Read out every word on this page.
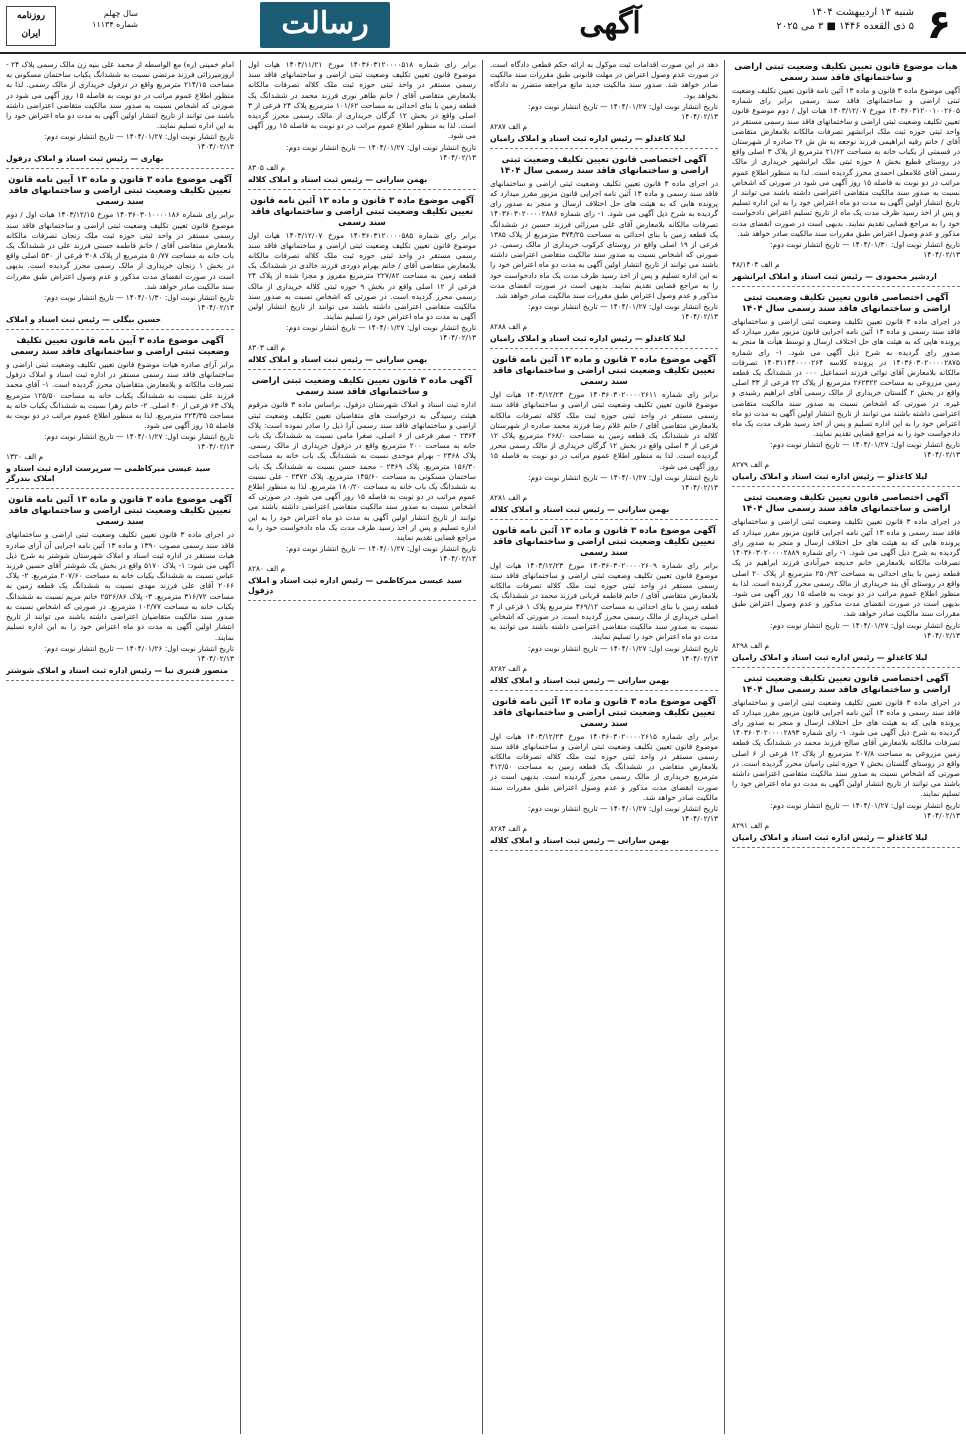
۶
شنبه ۱۳ اردیبهشت ۱۴۰۴
۵ ذی القعده ۱۴۴۶ ■ ۳ می ۲۰۲۵
آگهی
رسالت
سال چهلم
شماره ۱۱۱۳۴
روزنامه
ایران

هیات موضوع قانون تعیین تکلیف وضعیت ثبتی اراضی و ساختمانهای فاقد سند رسمی

آگهی موضوع ماده ۳ قانون و ماده ۱۳ آئین نامه قانون تعیین تکلیف وضعیت ثبتی اراضی و ساختمانهای فاقد سند رسمی برابر رای شماره ۱۴۰۳۶۰۳۱۲۰۰۱۰۰۲۶۰۵ مورخ ۱۴۰۳/۱۲/۰۷ هیات اول / دوم موضوع قانون تعیین تکلیف وضعیت ثبتی اراضی و ساختمانهای فاقد سند رسمی مستقر در واحد ثبتی حوزه ثبت ملک ابرانشهر تصرفات مالکانه بلامعارض متقاضی آقای / خانم رقیه ابراهیمی فرزند نوجعه به ش ش ۲۶ صادره از شهرستان در قسمتی از یکباب خانه به مساحت ۲۱/۶۲ مترمربع از پلاک ۳ اصلی واقع در روستای قطیع بخش ۸ حوزه ثبتی ملک ابرانشهر خریداری از مالک رسمی آقای غلامعلی احمدی محرز گردیده است. لذا به منظور اطلاع عموم مراتب در دو نوبت به فاصله ۱۵ روز آگهی می شود در صورتی که اشخاص نسبت به صدور سند مالکیت متقاضی اعتراضی داشته باشند می توانند از تاریخ انتشار اولین آگهی به مدت دو ماه اعتراض خود را به این اداره تسلیم و پس از اخذ رسید ظرف مدت یک ماه از تاریخ تسلیم اعتراض دادخواست خود را به مراجع قضایی تقدیم نمایند. بدیهی است در صورت انقضای مدت مذکور و عدم وصول اعتراض طبق مقررات سند مالکیت صادر خواهد شد.

تاریخ انتشار نوبت اول: ۱۴۰۴/۰۱/۳۰ — تاریخ انتشار نوبت دوم: ۱۴۰۴/۰۲/۱۳

م الف ۴۸/۱۴۰۴

اردشیر محمودی — رئیس ثبت اسناد و املاک ابرانشهر

آگهی اختصاصی قانون تعیین تکلیف وضعیت ثبتی اراضی و ساختمانهای فاقد سند رسمی سال ۱۴۰۴

در اجرای ماده ۳ قانون تعیین تکلیف وضعیت ثبتی اراضی و ساختمانهای فاقد سند رسمی و ماده ۱۳ آئین نامه اجرایی قانون مزبور مقرر میدارد که پرونده هایی که به هیئت های حل اختلاف ارسال و توسط هیأت ها منجر به صدور رای گردیده به شرح ذیل آگهی می شود. ۱- رای شماره ۱۴۰۳۶۰۳۰۲۰۰۰۰۲۸۷۵ در پرونده کلاسه ۱۴۰۳۱۱۴۴۰۰۰۰۲۶۴ تصرفات مالکانه بلامعارض آقای نوائی فرزند اسماعیل ۰۰۰ در ششدانگ یک قطعه زمین مزروعی به مساحت ۲۶۲۳۲۲ مترمربع از پلاک ۲۲ فرعی از ۳۳ اصلی واقع در بخش ۲ گلستان خریداری از مالک رسمی آقای ابراهیم رشیدی و غیره. در صورتی که اشخاص نسبت به صدور سند مالکیت متقاضی اعتراضی داشته باشند می توانند از تاریخ انتشار اولین آگهی به مدت دو ماه اعتراض خود را به این اداره تسلیم و پس از اخذ رسید ظرف مدت یک ماه دادخواست خود را به مراجع قضایی تقدیم نمایند.

تاریخ انتشار نوبت اول: ۱۴۰۴/۰۱/۲۷ — تاریخ انتشار نوبت دوم: ۱۴۰۴/۰۲/۱۳

م الف ۸۲۷۹

لیلا کاغذلو — رئیس اداره ثبت اسناد و املاک رامیان

آگهی اختصاصی قانون تعیین تکلیف وضعیت ثبتی اراضی و ساختمانهای فاقد سند رسمی سال ۱۴۰۴

در اجرای ماده ۳ قانون تعیین تکلیف وضعیت ثبتی اراضی و ساختمانهای فاقد سند رسمی و ماده ۱۳ آئین نامه اجرایی قانون مزبور مقرر میدارد که پرونده هایی که به هیئت های حل اختلاف ارسال و منجر به صدور رای گردیده به شرح ذیل آگهی می شود. ۱- رای شماره ۱۴۰۳۶۰۳۰۲۰۰۰۰۲۸۸۹ تصرفات مالکانه بلامعارض خانم خدیجه خیرآبادی فرزند ابراهیم در یک قطعه زمین با بنای احداثی به مساحت ۲۵۰/۹۲ مترمربع از پلاک ۲۰ اصلی واقع در روستای آق بند خریداری از مالک رسمی محرز گردیده است. لذا به منظور اطلاع عموم مراتب در دو نوبت به فاصله ۱۵ روز آگهی می شود. بدیهی است در صورت انقضای مدت مذکور و عدم وصول اعتراض طبق مقررات سند مالکیت صادر خواهد شد.

تاریخ انتشار نوبت اول: ۱۴۰۴/۰۱/۲۷ — تاریخ انتشار نوبت دوم: ۱۴۰۴/۰۲/۱۳

م الف ۸۲۹۸

لیلا کاغذلو — رئیس اداره ثبت اسناد و املاک رامیان

آگهی اختصاصی قانون تعیین تکلیف وضعیت ثبتی اراضی و ساختمانهای فاقد سند رسمی سال ۱۴۰۴

در اجرای ماده ۳ قانون تعیین تکلیف وضعیت ثبتی اراضی و ساختمانهای فاقد سند رسمی و ماده ۱۳ آئین نامه اجرایی قانون مزبور مقرر میدارد که پرونده هایی که به هیئت های حل اختلاف ارسال و منجر به صدور رای گردیده به شرح ذیل آگهی می شود. ۱- رای شماره ۱۴۰۳۶۰۳۰۲۰۰۰۰۲۸۹۳ تصرفات مالکانه بلامعارض آقای صالح فرزند محمد در ششدانگ یک قطعه زمین مزروعی به مساحت ۲۰۷/۸ مترمربع از پلاک ۱۲ فرعی از ۶ اصلی واقع در روستای گلستان بخش ۷ حوزه ثبتی رامیان محرز گردیده است. در صورتی که اشخاص نسبت به صدور سند مالکیت متقاضی اعتراضی داشته باشند می توانند از تاریخ انتشار اولین آگهی به مدت دو ماه اعتراض خود را تسلیم نمایند.

تاریخ انتشار نوبت اول: ۱۴۰۴/۰۱/۲۷ — تاریخ انتشار نوبت دوم: ۱۴۰۴/۰۲/۱۳

م الف ۸۲۹۱

لیلا کاغذلو — رئیس اداره ثبت اسناد و املاک رامیان

دهد در این صورت اقدامات ثبت موکول به ارائه حکم قطعی دادگاه است. در صورت عدم وصول اعتراض در مهلت قانونی طبق مقررات سند مالکیت صادر خواهد شد. صدور سند مالکیت جدید مانع مراجعه متضرر به دادگاه نخواهد بود.

تاریخ انتشار نوبت اول: ۱۴۰۴/۰۱/۲۷ — تاریخ انتشار نوبت دوم: ۱۴۰۴/۰۲/۱۳

م الف ۸۲۸۷

لیلا کاغذلو — رئیس اداره ثبت اسناد و املاک رامیان

آگهی اختصاصی قانون تعیین تکلیف وضعیت ثبتی اراضی و ساختمانهای فاقد سند رسمی سال ۱۴۰۴

در اجرای ماده ۳ قانون تعیین تکلیف وضعیت ثبتی اراضی و ساختمانهای فاقد سند رسمی و ماده ۱۳ آئین نامه اجرایی قانون مزبور مقرر میدارد که پرونده هایی که به هیئت های حل اختلاف ارسال و منجر به صدور رای گردیده به شرح ذیل آگهی می شود. ۱- رای شماره ۱۴۰۳۶۰۳۰۲۰۰۰۰۲۸۸۶ تصرفات مالکانه بلامعارض آقای علی میرزائی فرزند حسین در ششدانگ یک قطعه زمین با بنای احداثی به مساحت ۳۷۴/۲۵ مترمربع از پلاک ۱۳۸۵ فرعی از ۱۹ اصلی واقع در روستای کرکوب خریداری از مالک رسمی. در صورتی که اشخاص نسبت به صدور سند مالکیت متقاضی اعتراضی داشته باشند می توانند از تاریخ انتشار اولین آگهی به مدت دو ماه اعتراض خود را به این اداره تسلیم و پس از اخذ رسید ظرف مدت یک ماه دادخواست خود را به مراجع قضایی تقدیم نمایند. بدیهی است در صورت انقضای مدت مذکور و عدم وصول اعتراض طبق مقررات سند مالکیت صادر خواهد شد.

تاریخ انتشار نوبت اول: ۱۴۰۴/۰۱/۲۷ — تاریخ انتشار نوبت دوم: ۱۴۰۴/۰۲/۱۳

م الف ۸۲۸۸

لیلا کاغذلو — رئیس اداره ثبت اسناد و املاک رامیان

آگهی موضوع ماده ۳ قانون و ماده ۱۳ آئین نامه قانون تعیین تکلیف وضعیت ثبتی اراضی و ساختمانهای فاقد سند رسمی

برابر رای شماره ۱۴۰۳۶۰۳۰۲۰۰۰۰۲۶۱۱ مورخ ۱۴۰۳/۱۲/۲۳ هیات اول موضوع قانون تعیین تکلیف وضعیت ثبتی اراضی و ساختمانهای فاقد سند رسمی مستقر در واحد ثبتی حوزه ثبت ملک کلاله تصرفات مالکانه بلامعارض متقاضی آقای / خانم غلام رضا فرزند محمد صادره از شهرستان کلاله در ششدانگ یک قطعه زمین به مساحت ۲۶۸/۰ مترمربع پلاک ۱۲ فرعی از ۳ اصلی واقع در بخش ۱۲ گرگان خریداری از مالک رسمی محرز گردیده است. لذا به منظور اطلاع عموم مراتب در دو نوبت به فاصله ۱۵ روز آگهی می شود.

تاریخ انتشار نوبت اول: ۱۴۰۴/۰۱/۲۷ — تاریخ انتشار نوبت دوم: ۱۴۰۴/۰۲/۱۳

م الف ۸۲۸۱

بهمن سارانی — رئیس ثبت اسناد و املاک کلاله

آگهی موضوع ماده ۳ قانون و ماده ۱۳ آئین نامه قانون تعیین تکلیف وضعیت ثبتی اراضی و ساختمانهای فاقد سند رسمی

برابر رای شماره ۱۴۰۳۶۰۳۰۲۰۰۰۰۲۶۰۹ مورخ ۱۴۰۳/۱۲/۲۳ هیات اول موضوع قانون تعیین تکلیف وضعیت ثبتی اراضی و ساختمانهای فاقد سند رسمی مستقر در واحد ثبتی حوزه ثبت ملک کلاله تصرفات مالکانه بلامعارض متقاضی آقای / خانم فاطمه قربانی فرزند محمد در ششدانگ یک قطعه زمین با بنای احداثی به مساحت ۳۶۹/۱۲ مترمربع پلاک ۱ فرعی از ۳ اصلی خریداری از مالک رسمی محرز گردیده است. در صورتی که اشخاص نسبت به صدور سند مالکیت متقاضی اعتراضی داشته باشند می توانند به مدت دو ماه اعتراض خود را تسلیم نمایند.

تاریخ انتشار نوبت اول: ۱۴۰۴/۰۱/۲۷ — تاریخ انتشار نوبت دوم: ۱۴۰۴/۰۲/۱۳

م الف ۸۲۸۲

بهمن سارانی — رئیس ثبت اسناد و املاک کلاله

آگهی موضوع ماده ۳ قانون و ماده ۱۳ آئین نامه قانون تعیین تکلیف وضعیت ثبتی اراضی و ساختمانهای فاقد سند رسمی

برابر رای شماره ۱۴۰۳۶۰۳۰۲۰۰۰۰۲۶۱۵ مورخ ۱۴۰۳/۱۲/۲۳ هیات اول موضوع قانون تعیین تکلیف وضعیت ثبتی اراضی و ساختمانهای فاقد سند رسمی مستقر در واحد ثبتی حوزه ثبت ملک کلاله تصرفات مالکانه بلامعارض متقاضی در ششدانگ یک قطعه زمین به مساحت ۴۱۲/۵۰ مترمربع خریداری از مالک رسمی محرز گردیده است. بدیهی است در صورت انقضای مدت مذکور و عدم وصول اعتراض طبق مقررات سند مالکیت صادر خواهد شد.

تاریخ انتشار نوبت اول: ۱۴۰۴/۰۱/۲۷ — تاریخ انتشار نوبت دوم: ۱۴۰۴/۰۲/۱۳

م الف ۸۲۸۴

بهمن سارانی — رئیس ثبت اسناد و املاک کلاله

برابر رای شماره ۱۴۰۳۶۰۳۱۲۰۰۰۰۵۱۸ مورخ ۱۴۰۳/۱۱/۲۱ هیات اول موضوع قانون تعیین تکلیف وضعیت ثبتی اراضی و ساختمانهای فاقد سند رسمی مستقر در واحد ثبتی حوزه ثبت ملک کلاله تصرفات مالکانه بلامعارض متقاضی آقای / خانم طاهر نوری فرزند محمد در ششدانگ یک قطعه زمین با بنای احداثی به مساحت ۱۰۱/۶۲ مترمربع پلاک ۲۴ فرعی از ۳ اصلی واقع در بخش ۱۲ گرگان خریداری از مالک رسمی محرز گردیده است. لذا به منظور اطلاع عموم مراتب در دو نوبت به فاصله ۱۵ روز آگهی می شود.

تاریخ انتشار نوبت اول: ۱۴۰۴/۰۱/۲۷ — تاریخ انتشار نوبت دوم: ۱۴۰۴/۰۲/۱۳

م الف ۸۳۰۵

بهمن سارانی — رئیس ثبت اسناد و املاک کلاله

آگهی موضوع ماده ۳ قانون و ماده ۱۳ آئین نامه قانون تعیین تکلیف وضعیت ثبتی اراضی و ساختمانهای فاقد سند رسمی

برابر رای شماره ۱۴۰۳۶۰۳۱۲۰۰۰۰۵۸۵ مورخ ۱۴۰۳/۱۲/۰۷ هیات اول موضوع قانون تعیین تکلیف وضعیت ثبتی اراضی و ساختمانهای فاقد سند رسمی مستقر در واحد ثبتی حوزه ثبت ملک کلاله تصرفات مالکانه بلامعارض متقاضی آقای / خانم بهرام دوردی فرزند خالدی در ششدانگ یک قطعه زمین به مساحت ۲۲۷/۸۲ مترمربع مفروز و مجزا شده از پلاک ۲۴ فرعی از ۱۲ اصلی واقع در بخش ۹ حوزه ثبتی کلاله خریداری از مالک رسمی محرز گردیده است. در صورتی که اشخاص نسبت به صدور سند مالکیت متقاضی اعتراضی داشته باشند می توانند از تاریخ انتشار اولین آگهی به مدت دو ماه اعتراض خود را تسلیم نمایند.

تاریخ انتشار نوبت اول: ۱۴۰۴/۰۱/۲۷ — تاریخ انتشار نوبت دوم: ۱۴۰۴/۰۲/۱۳

م الف ۸۳۰۳

بهمن سارانی — رئیس ثبت اسناد و املاک کلاله

آگهی ماده ۳ قانون تعیین تکلیف وضعیت ثبتی اراضی و ساختمانهای فاقد سند رسمی

اداره ثبت اسناد و املاک شهرستان دزفول. براساس ماده ۳ قانون مرقوم هیئت رسیدگی به درخواست های متقاضیان تعیین تکلیف وضعیت ثبتی اراضی و ساختمانهای فاقد سند رسمی آرا ذیل را صادر نموده است: پلاک ۲۳۶۴ - صفر فرعی از ۶ اصلی، صغرا مامی نسبت به ششدانگ یک باب خانه به مساحت ۲۰۰ مترمربع واقع در دزفول خریداری از مالک رسمی. پلاک ۲۳۶۸ - بهرام موحدی نسبت به ششدانگ یک باب خانه به مساحت ۱۵۶/۳۰ مترمربع. پلاک ۲۳۶۹ - محمد حسن نسبت به ششدانگ یک باب ساختمان مسکونی به مساحت ۱۴۵/۶۰ مترمربع. پلاک ۲۳۷۲ - علی نسبت به ششدانگ یک باب خانه به مساحت ۱۸۰/۲۰ مترمربع. لذا به منظور اطلاع عموم مراتب در دو نوبت به فاصله ۱۵ روز آگهی می شود. در صورتی که اشخاص نسبت به صدور سند مالکیت متقاضی اعتراضی داشته باشند می توانند از تاریخ انتشار اولین آگهی به مدت دو ماه اعتراض خود را به این اداره تسلیم و پس از اخذ رسید ظرف مدت یک ماه دادخواست خود را به مراجع قضایی تقدیم نمایند.

تاریخ انتشار نوبت اول: ۱۴۰۴/۰۱/۲۷ — تاریخ انتشار نوبت دوم: ۱۴۰۴/۰۲/۱۳

م الف ۸۲۸۰

سید عیسی میرکاظمی — رئیس اداره ثبت اسناد و املاک دزفول

امام خمینی (ره) مع الواسطه از محمد علی بنیه زن مالک رسمی پلاک ۲۴ - اروزمیرزائی فرزند مرتضی نسبت به ششدانگ یکباب ساختمان مسکونی به مساحت ۲۱۴/۱۵ مترمربع واقع در دزفول خریداری از مالک رسمی. لذا به منظور اطلاع عموم مراتب در دو نوبت به فاصله ۱۵ روز آگهی می شود در صورتی که اشخاص نسبت به صدور سند مالکیت متقاضی اعتراضی داشته باشند می توانند از تاریخ انتشار اولین آگهی به مدت دو ماه اعتراض خود را به این اداره تسلیم نمایند.

تاریخ انتشار نوبت اول: ۱۴۰۴/۰۱/۲۷ — تاریخ انتشار نوبت دوم: ۱۴۰۴/۰۲/۱۳

بهاری — رئیس ثبت اسناد و املاک دزفول

آگهی موضوع ماده ۳ قانون و ماده ۱۳ آیین نامه قانون تعیین تکلیف وضعیت ثبتی اراضی و ساختمانهای فاقد سند رسمی

برابر رای شماره ۱۴۰۳۶۰۳۰۱۰۰۰۰۱۸۶ مورخ ۱۴۰۳/۱۲/۱۵ هیات اول / دوم موضوع قانون تعیین تکلیف وضعیت ثبتی اراضی و ساختمانهای فاقد سند رسمی مستقر در واحد ثبتی حوزه ثبت ملک زنجان تصرفات مالکانه بلامعارض متقاضی آقای / خانم فاطمه حسنی فرزند علی در ششدانگ یک باب خانه به مساحت ۵۰/۷۷ مترمربع از پلاک ۳۰۸ فرعی از ۵۳۰ اصلی واقع در بخش ۱ زنجان خریداری از مالک رسمی محرز گردیده است. بدیهی است در صورت انقضای مدت مذکور و عدم وصول اعتراض طبق مقررات سند مالکیت صادر خواهد شد.

تاریخ انتشار نوبت اول: ۱۴۰۴/۰۱/۳۰ — تاریخ انتشار نوبت دوم: ۱۴۰۴/۰۲/۱۳

حسین بیگلی — رئیس ثبت اسناد و املاک

آگهی موضوع ماده ۳ آیین نامه قانون تعیین تکلیف وضعیت ثبتی اراضی و ساختمانهای فاقد سند رسمی

برابر آرای صادره هیات موضوع قانون تعیین تکلیف وضعیت ثبتی اراضی و ساختمانهای فاقد سند رسمی مستقر در اداره ثبت اسناد و املاک دزفول تصرفات مالکانه و بلامعارض متقاضیان محرز گردیده است. ۱- آقای محمد فرزند علی نسبت به ششدانگ یکباب خانه به مساحت ۱۲۵/۵۰ مترمربع پلاک ۶۳ فرعی از ۴۰ اصلی. ۲- خانم زهرا نسبت به ششدانگ یکباب خانه به مساحت ۲۲۴/۳۵ مترمربع. لذا به منظور اطلاع عموم مراتب در دو نوبت به فاصله ۱۵ روز آگهی می شود.

تاریخ انتشار نوبت اول: ۱۴۰۴/۰۱/۲۷ — تاریخ انتشار نوبت دوم: ۱۴۰۴/۰۲/۱۳

م الف ۱۳۲۰

سید عیسی میرکاظمی — سرپرست اداره ثبت اسناد و املاک بندرگز

آگهی موضوع ماده ۳ قانون و ماده ۱۳ آئین نامه قانون تعیین تکلیف وضعیت ثبتی اراضی و ساختمانهای فاقد سند رسمی

در اجرای ماده ۳ قانون تعیین تکلیف وضعیت ثبتی اراضی و ساختمانهای فاقد سند رسمی مصوب ۱۳۹۰ و ماده ۱۳ آئین نامه اجرایی آن آرای صادره هیات مستقر در اداره ثبت اسناد و املاک شهرستان شوشتر به شرح ذیل آگهی می شود: ۱- پلاک ۵۱۷۰ واقع در بخش یک شوشتر آقای حسین فرزند عباس نسبت به ششدانگ یکباب خانه به مساحت ۲۰۷/۶۰ مترمربع. ۲- پلاک ۲۰۶۶ آقای علی فرزند مهدی نسبت به ششدانگ یک قطعه زمین به مساحت ۳۱۶/۷۲ مترمربع. ۳- پلاک ۲۵۲۶/۸۶ خانم مریم نسبت به ششدانگ یکباب خانه به مساحت ۱۰۲/۷۷ مترمربع. در صورتی که اشخاص نسبت به صدور سند مالکیت متقاضیان اعتراضی داشته باشند می توانند از تاریخ انتشار اولین آگهی به مدت دو ماه اعتراض خود را به این اداره تسلیم نمایند.

تاریخ انتشار نوبت اول: ۱۴۰۴/۰۱/۲۶ — تاریخ انتشار نوبت دوم: ۱۴۰۴/۰۲/۱۳

منصور قنبری نیا — رئیس اداره ثبت اسناد و املاک شوشتر
